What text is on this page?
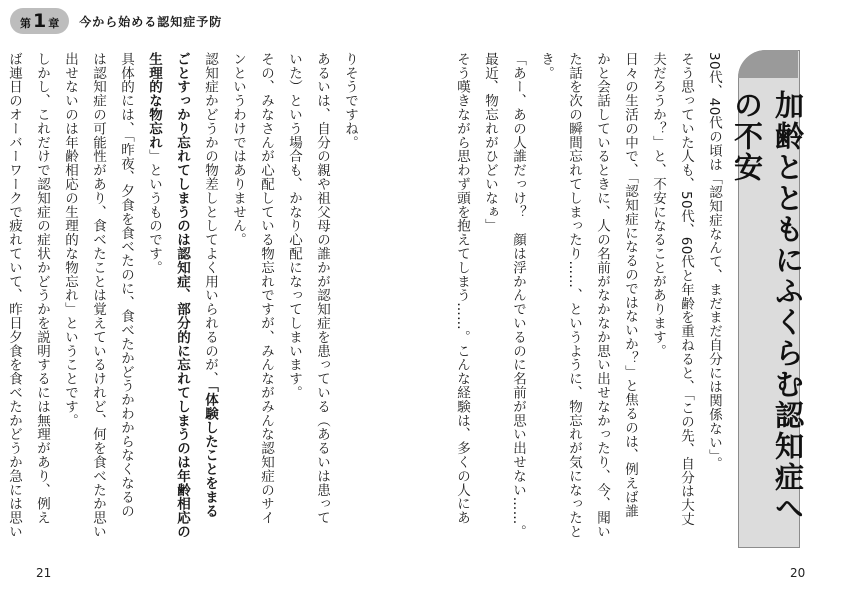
第 1 章 今から始める認知症予防
加齢とともにふくらむ認知症への不安
30代、40代の頃は「認知症なんて、まだまだ自分には関係ない」。
そう思っていた人も、50代、60代と年齢を重ねると、「この先、自分は大丈
夫だろうか？」と、不安になることがあります。
日々の生活の中で、「認知症になるのではないか？」と焦るのは、例えば誰
かと会話しているときに、人の名前がなかなか思い出せなかったり、今、聞い
た話を次の瞬間忘れてしまったり……、というように、物忘れが気になったと
き。
「あー、あの人誰だっけ？　顔は浮かんでいるのに名前が思い出せない……。
最近、物忘れがひどいなぁ」
そう嘆きながら思わず頭を抱えてしまう……。こんな経験は、多くの人にあ
りそうですね。
あるいは、自分の親や祖父母の誰かが認知症を患っている（あるいは患って
いた）という場合も、かなり心配になってしまいます。
その、みなさんが心配している物忘れですが、みんながみんな認知症のサイ
ンというわけではありません。
認知症かどうかの物差しとしてよく用いられるのが、「体験したことをまる
ごとすっかり忘れてしまうのは認知症、部分的に忘れてしまうのは年齢相応の
生理的な物忘れ」というものです。
具体的には、「昨夜、夕食を食べたのに、食べたかどうかわからなくなるの
は認知症の可能性があり、食べたことは覚えているけれど、何を食べたか思い
出せないのは年齢相応の生理的な物忘れ」ということです。
しかし、これだけで認知症の症状かどうかを説明するには無理があり、例え
ば連日のオーバーワークで疲れていて、昨日夕食を食べたかどうか急には思い
21	20
